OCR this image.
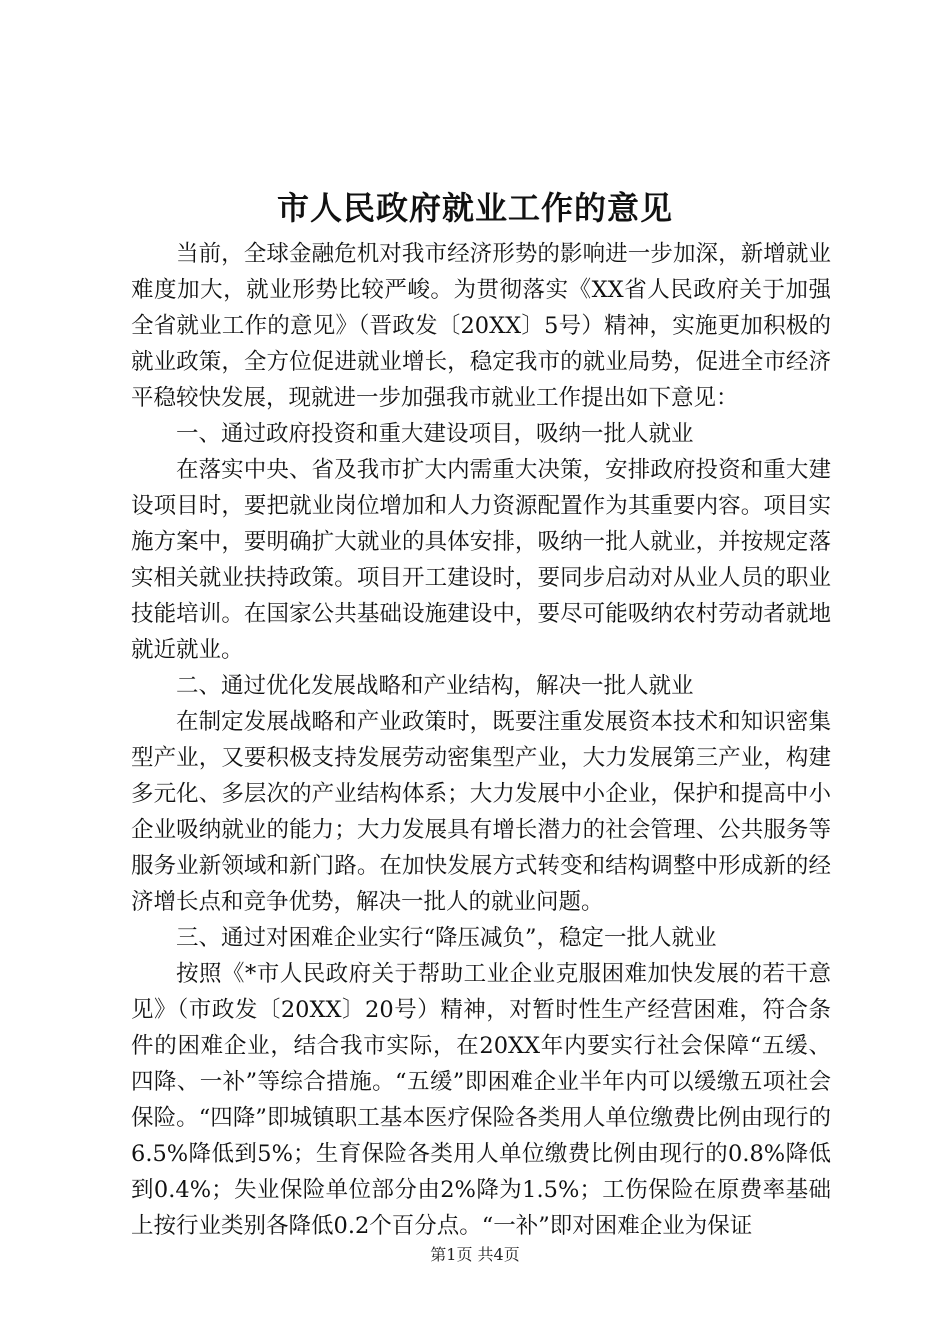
市人民政府就业工作的意见

当前，全球金融危机对我市经济形势的影响进一步加深，新增就业难度加大，就业形势比较严峻。为贯彻落实《XX省人民政府关于加强全省就业工作的意见》（晋政发〔20XX〕5号）精神，实施更加积极的就业政策，全方位促进就业增长，稳定我市的就业局势，促进全市经济平稳较快发展，现就进一步加强我市就业工作提出如下意见：

一、通过政府投资和重大建设项目，吸纳一批人就业

在落实中央、省及我市扩大内需重大决策，安排政府投资和重大建设项目时，要把就业岗位增加和人力资源配置作为其重要内容。项目实施方案中，要明确扩大就业的具体安排，吸纳一批人就业，并按规定落实相关就业扶持政策。项目开工建设时，要同步启动对从业人员的职业技能培训。在国家公共基础设施建设中，要尽可能吸纳农村劳动者就地就近就业。

二、通过优化发展战略和产业结构，解决一批人就业

在制定发展战略和产业政策时，既要注重发展资本技术和知识密集型产业，又要积极支持发展劳动密集型产业，大力发展第三产业，构建多元化、多层次的产业结构体系；大力发展中小企业，保护和提高中小企业吸纳就业的能力；大力发展具有增长潜力的社会管理、公共服务等服务业新领域和新门路。在加快发展方式转变和结构调整中形成新的经济增长点和竞争优势，解决一批人的就业问题。

三、通过对困难企业实行“降压减负”，稳定一批人就业

按照《*市人民政府关于帮助工业企业克服困难加快发展的若干意见》（市政发〔20XX〕20号）精神，对暂时性生产经营困难，符合条件的困难企业，结合我市实际，在20XX年内要实行社会保障“五缓、四降、一补”等综合措施。“五缓”即困难企业半年内可以缓缴五项社会保险。“四降”即城镇职工基本医疗保险各类用人单位缴费比例由现行的6.5%降低到5%；生育保险各类用人单位缴费比例由现行的0.8%降低到0.4%；失业保险单位部分由2%降为1.5%；工伤保险在原费率基础上按行业类别各降低0.2个百分点。“一补”即对困难企业为保证

第1页 共4页
